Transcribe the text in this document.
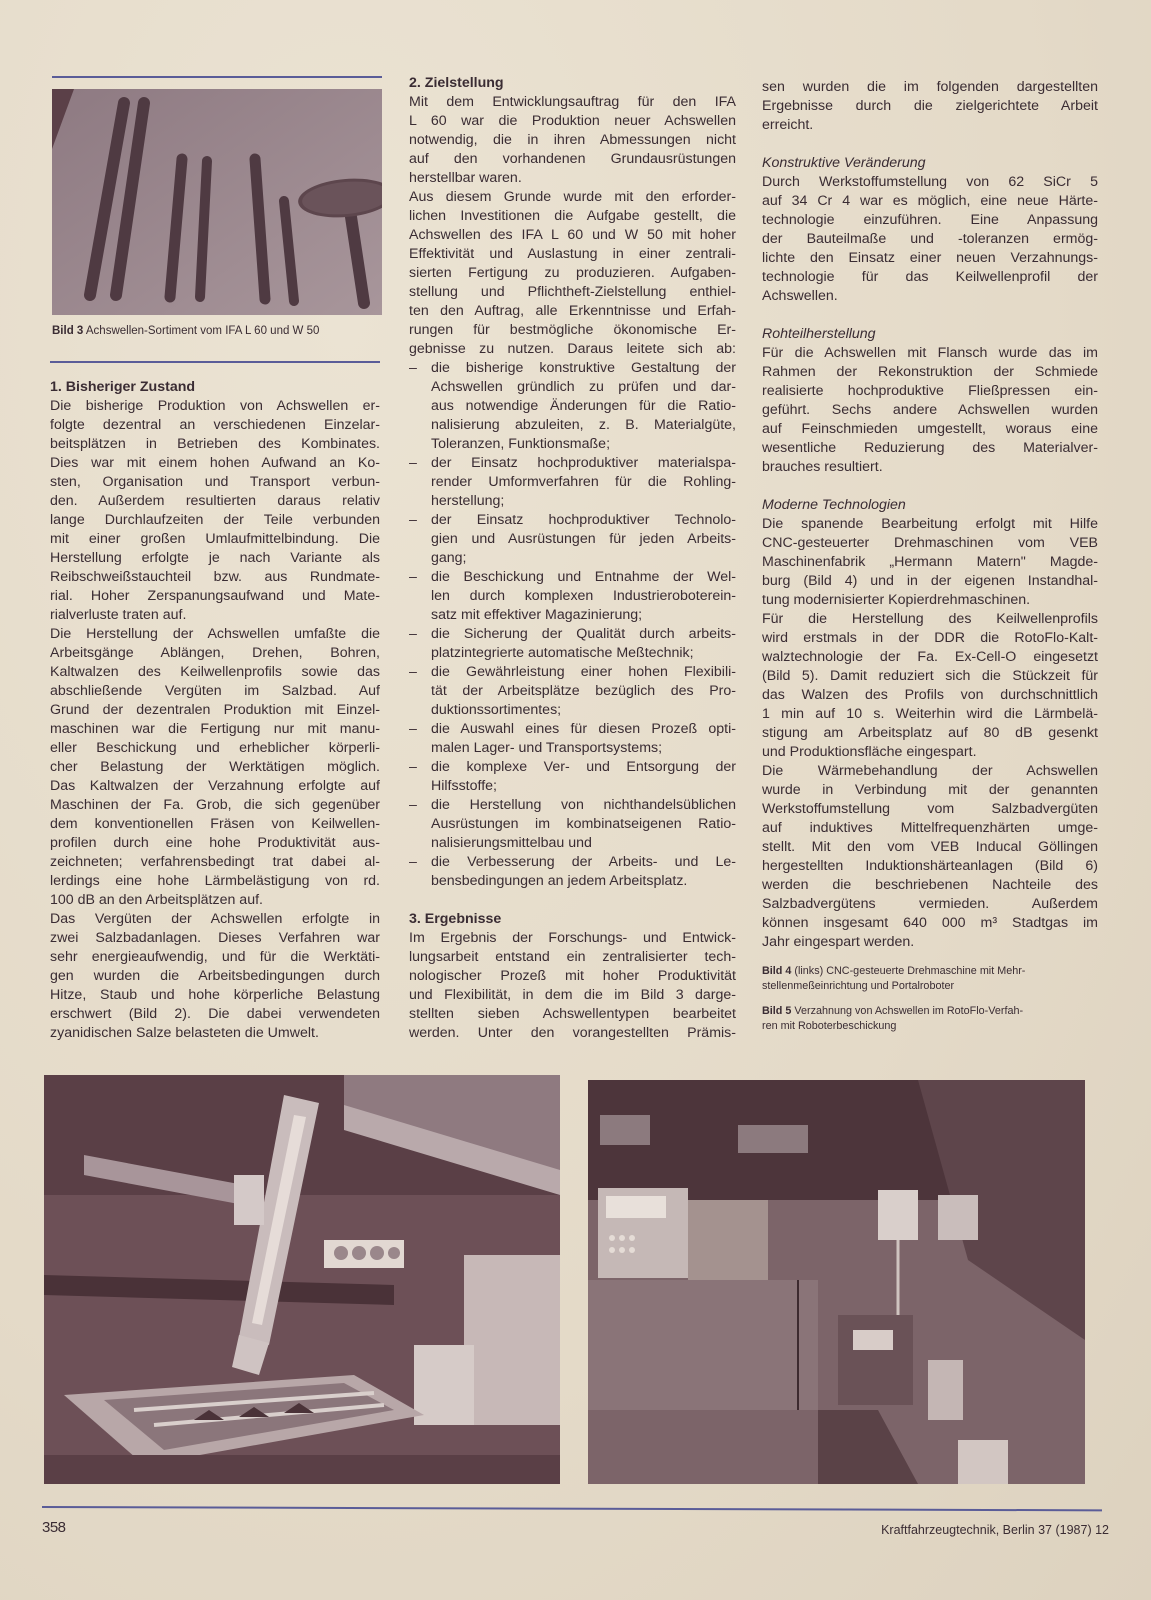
Bild 3 Achswellen-Sortiment vom IFA L 60 und W 50
1. Bisheriger Zustand
Die bisherige Produktion von Achswellen er-
folgte dezentral an verschiedenen Einzelar-
beitsplätzen in Betrieben des Kombinates.
Dies war mit einem hohen Aufwand an Ko-
sten, Organisation und Transport verbun-
den. Außerdem resultierten daraus relativ
lange Durchlaufzeiten der Teile verbunden
mit einer großen Umlaufmittelbindung. Die
Herstellung erfolgte je nach Variante als
Reibschweißstauchteil bzw. aus Rundmate-
rial. Hoher Zerspanungsaufwand und Mate-
rialverluste traten auf.
Die Herstellung der Achswellen umfaßte die
Arbeitsgänge Ablängen, Drehen, Bohren,
Kaltwalzen des Keilwellenprofils sowie das
abschließende Vergüten im Salzbad. Auf
Grund der dezentralen Produktion mit Einzel-
maschinen war die Fertigung nur mit manu-
eller Beschickung und erheblicher körperli-
cher Belastung der Werktätigen möglich.
Das Kaltwalzen der Verzahnung erfolgte auf
Maschinen der Fa. Grob, die sich gegenüber
dem konventionellen Fräsen von Keilwellen-
profilen durch eine hohe Produktivität aus-
zeichneten; verfahrensbedingt trat dabei al-
lerdings eine hohe Lärmbelästigung von rd.
100 dB an den Arbeitsplätzen auf.
Das Vergüten der Achswellen erfolgte in
zwei Salzbadanlagen. Dieses Verfahren war
sehr energieaufwendig, und für die Werktäti-
gen wurden die Arbeitsbedingungen durch
Hitze, Staub und hohe körperliche Belastung
erschwert (Bild 2). Die dabei verwendeten
zyanidischen Salze belasteten die Umwelt.
2. Zielstellung
Mit dem Entwicklungsauftrag für den IFA
L 60 war die Produktion neuer Achswellen
notwendig, die in ihren Abmessungen nicht
auf den vorhandenen Grundausrüstungen
herstellbar waren.
Aus diesem Grunde wurde mit den erforder-
lichen Investitionen die Aufgabe gestellt, die
Achswellen des IFA L 60 und W 50 mit hoher
Effektivität und Auslastung in einer zentrali-
sierten Fertigung zu produzieren. Aufgaben-
stellung und Pflichtheft-Zielstellung enthiel-
ten den Auftrag, alle Erkenntnisse und Erfah-
rungen für bestmögliche ökonomische Er-
gebnisse zu nutzen. Daraus leitete sich ab:
– die bisherige konstruktive Gestaltung der
Achswellen gründlich zu prüfen und dar-
aus notwendige Änderungen für die Ratio-
nalisierung abzuleiten, z. B. Materialgüte,
Toleranzen, Funktionsmaße;
– der Einsatz hochproduktiver materialspa-
render Umformverfahren für die Rohling-
herstellung;
– der Einsatz hochproduktiver Technolo-
gien und Ausrüstungen für jeden Arbeits-
gang;
– die Beschickung und Entnahme der Wel-
len durch komplexen Industrieroboterein-
satz mit effektiver Magazinierung;
– die Sicherung der Qualität durch arbeits-
platzintegrierte automatische Meßtechnik;
– die Gewährleistung einer hohen Flexibili-
tät der Arbeitsplätze bezüglich des Pro-
duktionssortimentes;
– die Auswahl eines für diesen Prozeß opti-
malen Lager- und Transportsystems;
– die komplexe Ver- und Entsorgung der
Hilfsstoffe;
– die Herstellung von nichthandelsüblichen
Ausrüstungen im kombinatseigenen Ratio-
nalisierungsmittelbau und
– die Verbesserung der Arbeits- und Le-
bensbedingungen an jedem Arbeitsplatz.
3. Ergebnisse
Im Ergebnis der Forschungs- und Entwick-
lungsarbeit entstand ein zentralisierter tech-
nologischer Prozeß mit hoher Produktivität
und Flexibilität, in dem die im Bild 3 darge-
stellten sieben Achswellentypen bearbeitet
werden. Unter den vorangestellten Prämis-
sen wurden die im folgenden dargestellten
Ergebnisse durch die zielgerichtete Arbeit
erreicht.
Konstruktive Veränderung
Durch Werkstoffumstellung von 62 SiCr 5
auf 34 Cr 4 war es möglich, eine neue Härte-
technologie einzuführen. Eine Anpassung
der Bauteilmaße und -toleranzen ermög-
lichte den Einsatz einer neuen Verzahnungs-
technologie für das Keilwellenprofil der
Achswellen.
Rohteilherstellung
Für die Achswellen mit Flansch wurde das im
Rahmen der Rekonstruktion der Schmiede
realisierte hochproduktive Fließpressen ein-
geführt. Sechs andere Achswellen wurden
auf Feinschmieden umgestellt, woraus eine
wesentliche Reduzierung des Materialver-
brauches resultiert.
Moderne Technologien
Die spanende Bearbeitung erfolgt mit Hilfe
CNC-gesteuerter Drehmaschinen vom VEB
Maschinenfabrik „Hermann Matern" Magde-
burg (Bild 4) und in der eigenen Instandhal-
tung modernisierter Kopierdrehmaschinen.
Für die Herstellung des Keilwellenprofils
wird erstmals in der DDR die RotoFlo-Kalt-
walztechnologie der Fa. Ex-Cell-O eingesetzt
(Bild 5). Damit reduziert sich die Stückzeit für
das Walzen des Profils von durchschnittlich
1 min auf 10 s. Weiterhin wird die Lärmbelä-
stigung am Arbeitsplatz auf 80 dB gesenkt
und Produktionsfläche eingespart.
Die Wärmebehandlung der Achswellen
wurde in Verbindung mit der genannten
Werkstoffumstellung vom Salzbadvergüten
auf induktives Mittelfrequenzhärten umge-
stellt. Mit den vom VEB Inducal Göllingen
hergestellten Induktionshärteanlagen (Bild 6)
werden die beschriebenen Nachteile des
Salzbadvergütens vermieden. Außerdem
können insgesamt 640 000 m³ Stadtgas im
Jahr eingespart werden.
Bild 4 (links) CNC-gesteuerte Drehmaschine mit Mehr-
stellenmeßeinrichtung und Portalroboter
Bild 5 Verzahnung von Achswellen im RotoFlo-Verfah-
ren mit Roboterbeschickung
358	Kraftfahrzeugtechnik, Berlin 37 (1987) 12
